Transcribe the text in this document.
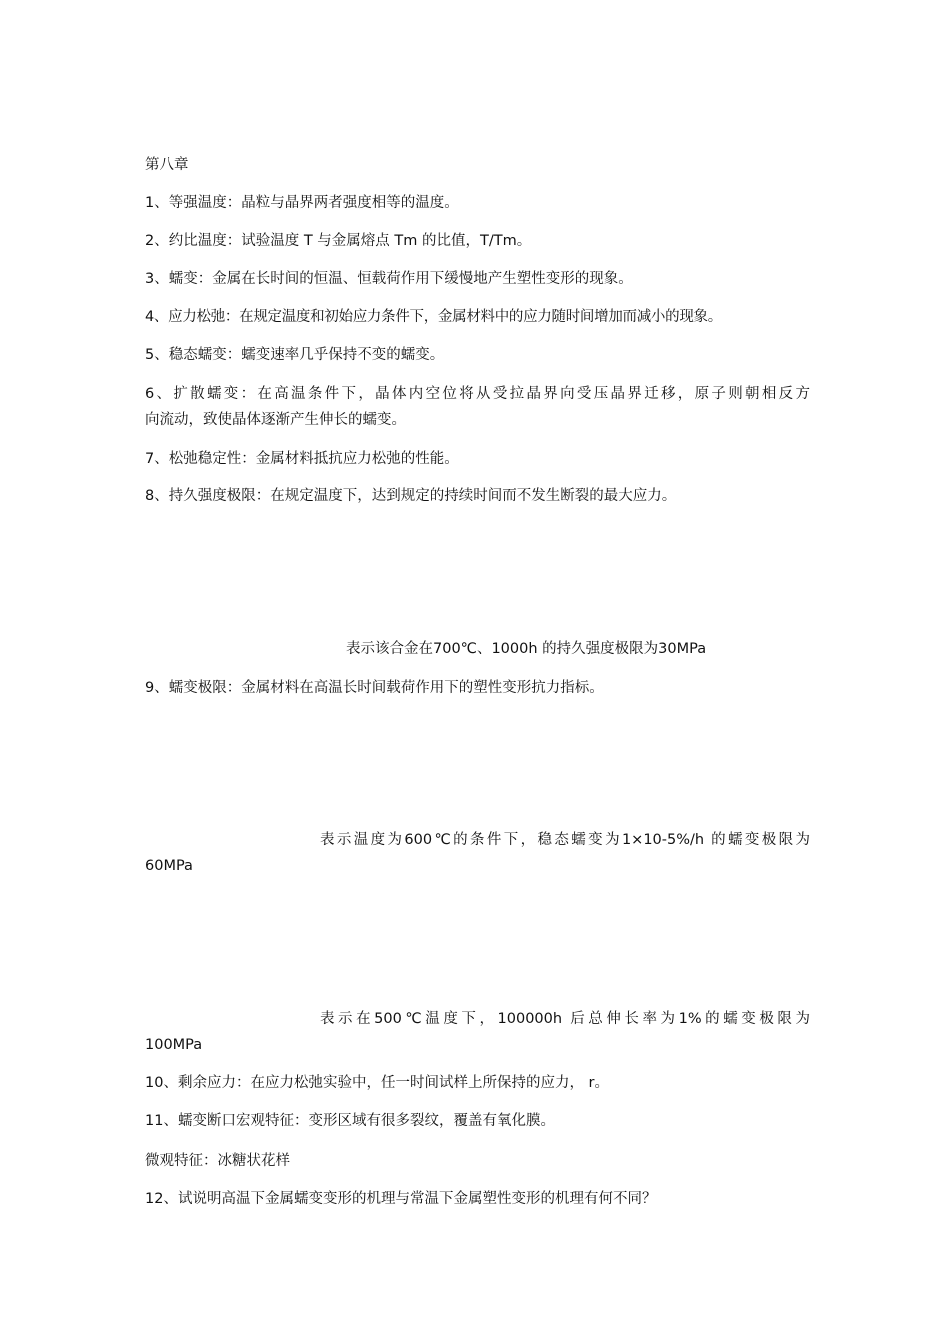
第八章

1、等强温度：晶粒与晶界两者强度相等的温度。

2、约比温度：试验温度 T 与金属熔点 Tm 的比值，T/Tm。

3、蠕变：金属在长时间的恒温、恒载荷作用下缓慢地产生塑性变形的现象。

4、应力松弛：在规定温度和初始应力条件下，金属材料中的应力随时间增加而减小的现象。

5、稳态蠕变：蠕变速率几乎保持不变的蠕变。

6、扩散蠕变：在高温条件下，晶体内空位将从受拉晶界向受压晶界迁移，原子则朝相反方

向流动，致使晶体逐渐产生伸长的蠕变。

7、松弛稳定性：金属材料抵抗应力松弛的性能。

8、持久强度极限：在规定温度下，达到规定的持续时间而不发生断裂的最大应力。

表示该合金在700℃、1000h 的持久强度极限为30MPa

9、蠕变极限：金属材料在高温长时间载荷作用下的塑性变形抗力指标。

表示温度为600℃的条件下，稳态蠕变为1×10-5%/h 的蠕变极限为

60MPa

表示在500℃温度下，100000h 后总伸长率为1%的蠕变极限为

100MPa

10、剩余应力：在应力松弛实验中，任一时间试样上所保持的应力， r。

11、蠕变断口宏观特征：变形区域有很多裂纹，覆盖有氧化膜。

微观特征：冰糖状花样

12、试说明高温下金属蠕变变形的机理与常温下金属塑性变形的机理有何不同？
